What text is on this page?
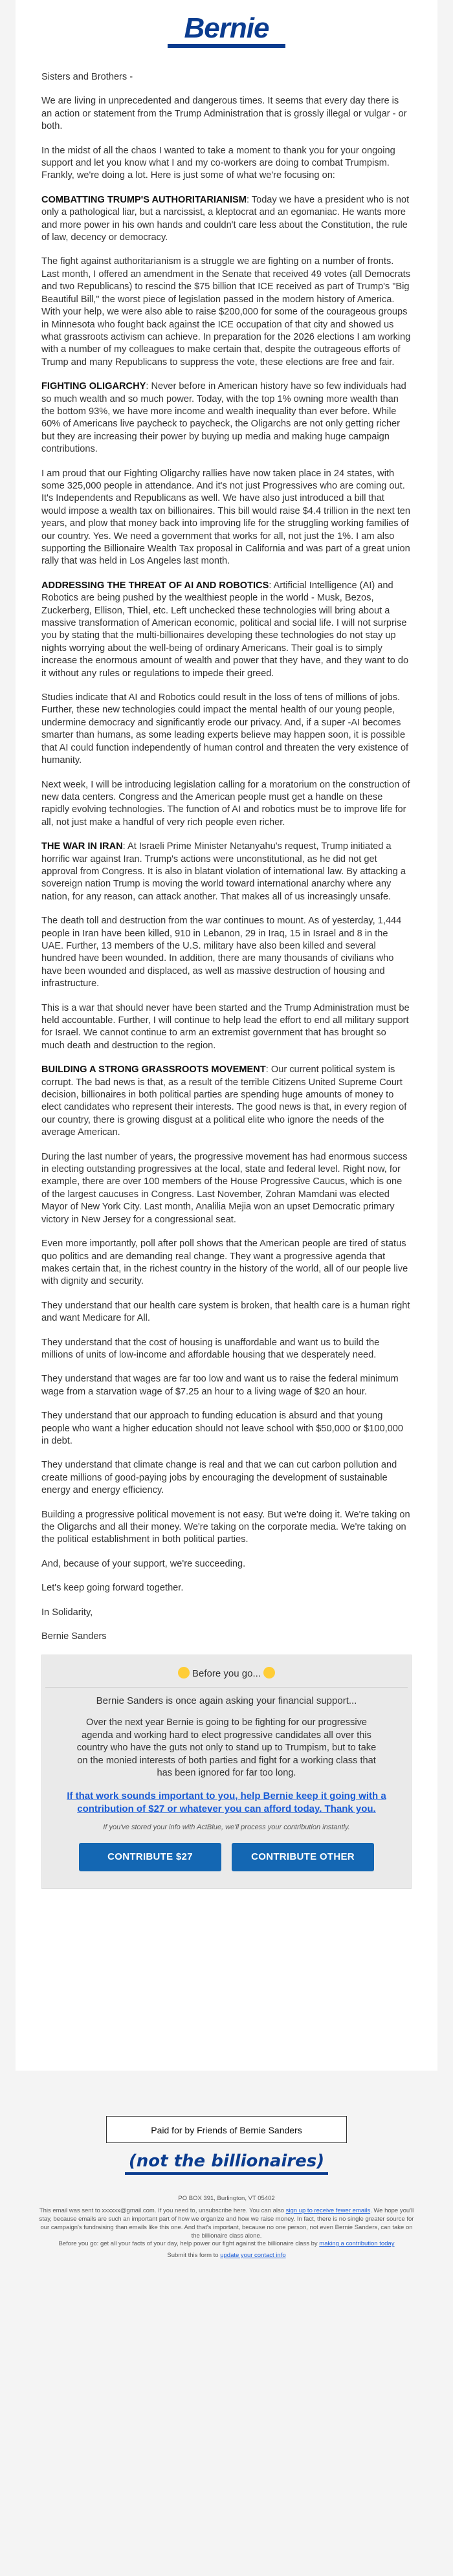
Bernie

Sisters and Brothers -

We are living in unprecedented and dangerous times. It seems that every day there is an action or statement from the Trump Administration that is grossly illegal or vulgar - or both.

In the midst of all the chaos I wanted to take a moment to thank you for your ongoing support and let you know what I and my co-workers are doing to combat Trumpism. Frankly, we're doing a lot. Here is just some of what we're focusing on:

COMBATTING TRUMP'S AUTHORITARIANISM: Today we have a president who is not only a pathological liar, but a narcissist, a kleptocrat and an egomaniac. He wants more and more power in his own hands and couldn't care less about the Constitution, the rule of law, decency or democracy.

The fight against authoritarianism is a struggle we are fighting on a number of fronts. Last month, I offered an amendment in the Senate that received 49 votes (all Democrats and two Republicans) to rescind the $75 billion that ICE received as part of Trump's "Big Beautiful Bill," the worst piece of legislation passed in the modern history of America. With your help, we were also able to raise $200,000 for some of the courageous groups in Minnesota who fought back against the ICE occupation of that city and showed us what grassroots activism can achieve. In preparation for the 2026 elections I am working with a number of my colleagues to make certain that, despite the outrageous efforts of Trump and many Republicans to suppress the vote, these elections are free and fair.

FIGHTING OLIGARCHY: Never before in American history have so few individuals had so much wealth and so much power. Today, with the top 1% owning more wealth than the bottom 93%, we have more income and wealth inequality than ever before. While 60% of Americans live paycheck to paycheck, the Oligarchs are not only getting richer but they are increasing their power by buying up media and making huge campaign contributions.

I am proud that our Fighting Oligarchy rallies have now taken place in 24 states, with some 325,000 people in attendance. And it's not just Progressives who are coming out. It's Independents and Republicans as well. We have also just introduced a bill that would impose a wealth tax on billionaires. This bill would raise $4.4 trillion in the next ten years, and plow that money back into improving life for the struggling working families of our country. Yes. We need a government that works for all, not just the 1%. I am also supporting the Billionaire Wealth Tax proposal in California and was part of a great union rally that was held in Los Angeles last month.

ADDRESSING THE THREAT OF AI AND ROBOTICS: Artificial Intelligence (AI) and Robotics are being pushed by the wealthiest people in the world - Musk, Bezos, Zuckerberg, Ellison, Thiel, etc. Left unchecked these technologies will bring about a massive transformation of American economic, political and social life. I will not surprise you by stating that the multi-billionaires developing these technologies do not stay up nights worrying about the well-being of ordinary Americans. Their goal is to simply increase the enormous amount of wealth and power that they have, and they want to do it without any rules or regulations to impede their greed.

Studies indicate that AI and Robotics could result in the loss of tens of millions of jobs. Further, these new technologies could impact the mental health of our young people, undermine democracy and significantly erode our privacy. And, if a super -AI becomes smarter than humans, as some leading experts believe may happen soon, it is possible that AI could function independently of human control and threaten the very existence of humanity.

Next week, I will be introducing legislation calling for a moratorium on the construction of new data centers. Congress and the American people must get a handle on these rapidly evolving technologies. The function of AI and robotics must be to improve life for all, not just make a handful of very rich people even richer.

THE WAR IN IRAN: At Israeli Prime Minister Netanyahu's request, Trump initiated a horrific war against Iran. Trump's actions were unconstitutional, as he did not get approval from Congress. It is also in blatant violation of international law. By attacking a sovereign nation Trump is moving the world toward international anarchy where any nation, for any reason, can attack another. That makes all of us increasingly unsafe.

The death toll and destruction from the war continues to mount. As of yesterday, 1,444 people in Iran have been killed, 910 in Lebanon, 29 in Iraq, 15 in Israel and 8 in the UAE. Further, 13 members of the U.S. military have also been killed and several hundred have been wounded. In addition, there are many thousands of civilians who have been wounded and displaced, as well as massive destruction of housing and infrastructure.

This is a war that should never have been started and the Trump Administration must be held accountable. Further, I will continue to help lead the effort to end all military support for Israel. We cannot continue to arm an extremist government that has brought so much death and destruction to the region.

BUILDING A STRONG GRASSROOTS MOVEMENT: Our current political system is corrupt. The bad news is that, as a result of the terrible Citizens United Supreme Court decision, billionaires in both political parties are spending huge amounts of money to elect candidates who represent their interests. The good news is that, in every region of our country, there is growing disgust at a political elite who ignore the needs of the average American.

During the last number of years, the progressive movement has had enormous success in electing outstanding progressives at the local, state and federal level. Right now, for example, there are over 100 members of the House Progressive Caucus, which is one of the largest caucuses in Congress. Last November, Zohran Mamdani was elected Mayor of New York City. Last month, Analilia Mejia won an upset Democratic primary victory in New Jersey for a congressional seat.

Even more importantly, poll after poll shows that the American people are tired of status quo politics and are demanding real change. They want a progressive agenda that makes certain that, in the richest country in the history of the world, all of our people live with dignity and security.

They understand that our health care system is broken, that health care is a human right and want Medicare for All.

They understand that the cost of housing is unaffordable and want us to build the millions of units of low-income and affordable housing that we desperately need.

They understand that wages are far too low and want us to raise the federal minimum wage from a starvation wage of $7.25 an hour to a living wage of $20 an hour.

They understand that our approach to funding education is absurd and that young people who want a higher education should not leave school with $50,000 or $100,000 in debt.

They understand that climate change is real and that we can cut carbon pollution and create millions of good-paying jobs by encouraging the development of sustainable energy and energy efficiency.

Building a progressive political movement is not easy. But we're doing it. We're taking on the Oligarchs and all their money. We're taking on the corporate media. We're taking on the political establishment in both political parties.

And, because of your support, we're succeeding.

Let's keep going forward together.

In Solidarity,

Bernie Sanders

Before you go...

Bernie Sanders is once again asking your financial support...

Over the next year Bernie is going to be fighting for our progressive agenda and working hard to elect progressive candidates all over this country who have the guts not only to stand up to Trumpism, but to take on the monied interests of both parties and fight for a working class that has been ignored for far too long.

If that work sounds important to you, help Bernie keep it going with a contribution of $27 or whatever you can afford today. Thank you.
If you've stored your info with ActBlue, we'll process your contribution instantly.
CONTRIBUTE $27	CONTRIBUTE OTHER
Paid for by Friends of Bernie Sanders
(not the billionaires)
PO BOX 391, Burlington, VT 05402
This email was sent to xxxxxx@gmail.com. If you need to, unsubscribe here. You can also sign up to receive fewer emails. We hope you'll stay, because emails are such an important part of how we organize and how we raise money. In fact, there is no single greater source for our campaign's fundraising than emails like this one. And that's important, because no one person, not even Bernie Sanders, can take on the billionaire class alone.
Before you go: get all your facts of your day, help power our fight against the billionaire class by making a contribution today
Submit this form to update your contact info
